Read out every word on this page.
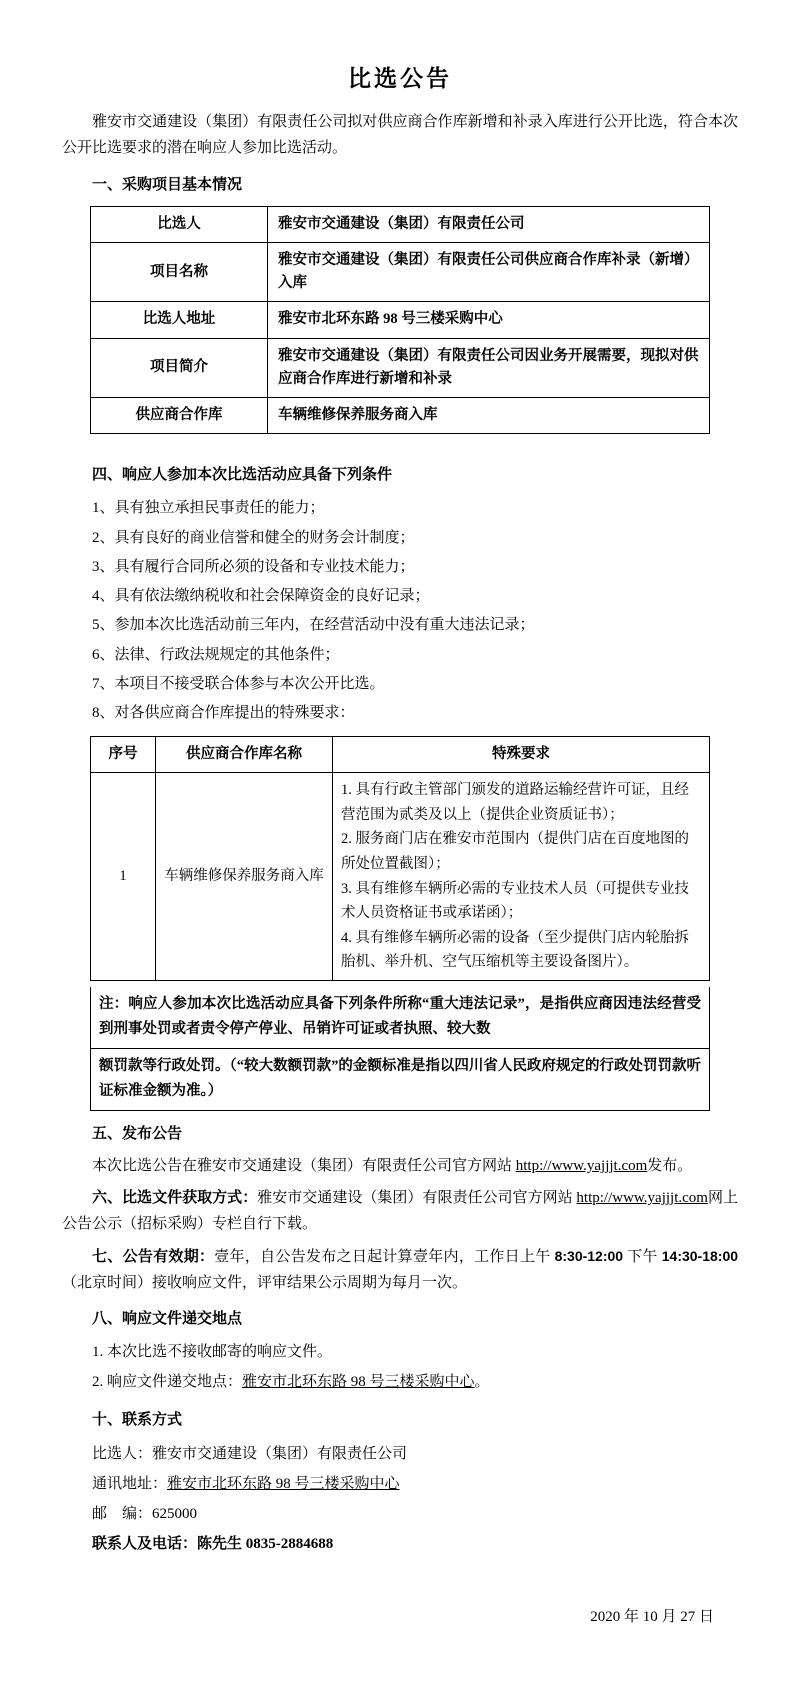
比选公告

雅安市交通建设（集团）有限责任公司拟对供应商合作库新增和补录入库进行公开比选，符合本次公开比选要求的潜在响应人参加比选活动。

一、采购项目基本情况
比选人	雅安市交通建设（集团）有限责任公司
项目名称	雅安市交通建设（集团）有限责任公司供应商合作库补录（新增）入库
比选人地址	雅安市北环东路 98 号三楼采购中心
项目简介	雅安市交通建设（集团）有限责任公司因业务开展需要，现拟对供应商合作库进行新增和补录
供应商合作库	车辆维修保养服务商入库
四、响应人参加本次比选活动应具备下列条件

1、具有独立承担民事责任的能力；

2、具有良好的商业信誉和健全的财务会计制度；

3、具有履行合同所必须的设备和专业技术能力；

4、具有依法缴纳税收和社会保障资金的良好记录；

5、参加本次比选活动前三年内，在经营活动中没有重大违法记录；

6、法律、行政法规规定的其他条件；

7、本项目不接受联合体参与本次公开比选。

8、对各供应商合作库提出的特殊要求：

序号	供应商合作库名称	特殊要求
1	车辆维修保养服务商入库	1. 具有行政主管部门颁发的道路运输经营许可证，且经营范围为贰类及以上（提供企业资质证书）；
2. 服务商门店在雅安市范围内（提供门店在百度地图的所处位置截图）；
3. 具有维修车辆所必需的专业技术人员（可提供专业技术人员资格证书或承诺函）；
4. 具有维修车辆所必需的设备（至少提供门店内轮胎拆胎机、举升机、空气压缩机等主要设备图片）。
注：响应人参加本次比选活动应具备下列条件所称“重大违法记录”，是指供应商因违法经营受到刑事处罚或者责令停产停业、吊销许可证或者执照、较大数
额罚款等行政处罚。（“较大数额罚款”的金额标准是指以四川省人民政府规定的行政处罚罚款听证标准金额为准。）
五、发布公告

本次比选公告在雅安市交通建设（集团）有限责任公司官方网站 http://www.yajjjt.com发布。

六、比选文件获取方式：雅安市交通建设（集团）有限责任公司官方网站 http://www.yajjjt.com网上公告公示（招标采购）专栏自行下载。

七、公告有效期：壹年，自公告发布之日起计算壹年内，工作日上午 8:30-12:00 下午 14:30-18:00（北京时间）接收响应文件，评审结果公示周期为每月一次。

八、响应文件递交地点

1. 本次比选不接收邮寄的响应文件。

2. 响应文件递交地点：雅安市北环东路 98 号三楼采购中心。

十、联系方式

比选人：雅安市交通建设（集团）有限责任公司

通讯地址：雅安市北环东路 98 号三楼采购中心

邮　编：625000

联系人及电话：陈先生 0835-2884688

2020 年 10 月 27 日
